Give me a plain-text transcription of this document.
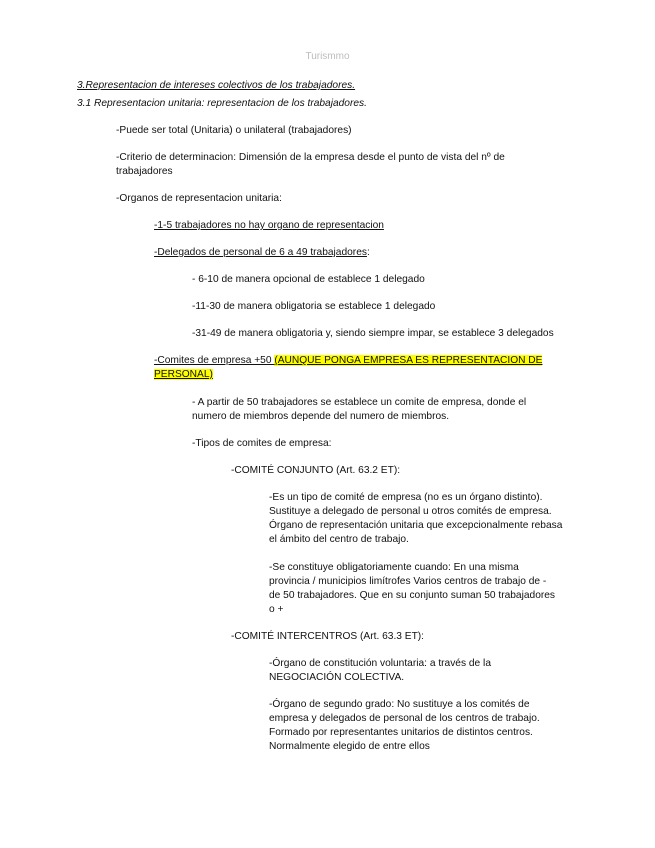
Turismmo
3.Representacion de intereses colectivos de los trabajadores.
3.1 Representacion unitaria: representacion de los trabajadores.
-Puede ser total (Unitaria) o unilateral (trabajadores)
-Criterio de determinacion: Dimensión de la empresa desde el punto de vista del nº de
trabajadores
-Organos de representacion unitaria:
-1-5 trabajadores no hay organo de representacion
-Delegados de personal de 6 a 49 trabajadores:
- 6-10 de manera opcional de establece 1 delegado
-11-30 de manera obligatoria se establece 1 delegado
-31-49 de manera obligatoria y, siendo siempre impar, se establece 3 delegados
-Comites de empresa +50 (AUNQUE PONGA EMPRESA ES REPRESENTACION DE
PERSONAL)
- A partir de 50 trabajadores se establece un comite de empresa, donde el
numero de miembros depende del numero de miembros.
-Tipos de comites de empresa:
-COMITÉ CONJUNTO (Art. 63.2 ET):
-Es un tipo de comité de empresa (no es un órgano distinto).
Sustituye a delegado de personal u otros comités de empresa.
Órgano de representación unitaria que excepcionalmente rebasa
el ámbito del centro de trabajo.
-Se constituye obligatoriamente cuando: En una misma
provincia / municipios limítrofes Varios centros de trabajo de -
de 50 trabajadores. Que en su conjunto suman 50 trabajadores
o +
-COMITÉ INTERCENTROS (Art. 63.3 ET):
-Órgano de constitución voluntaria: a través de la
NEGOCIACIÓN COLECTIVA.
-Órgano de segundo grado: No sustituye a los comités de
empresa y delegados de personal de los centros de trabajo.
Formado por representantes unitarios de distintos centros.
Normalmente elegido de entre ellos
